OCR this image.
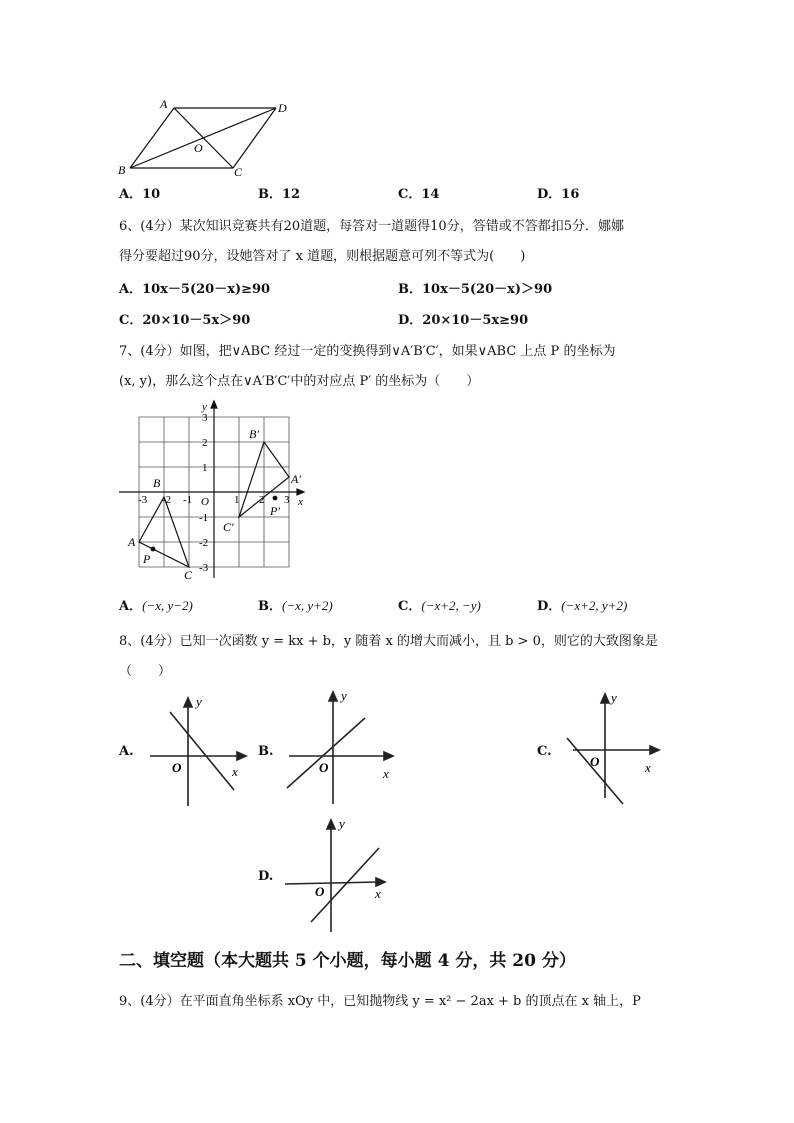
A	D
B	C
O
A．10	B．12	C．14	D．16
6、(4分）某次知识竞赛共有20道题，每答对一道题得10分，答错或不答都扣5分．娜娜
得分要超过90分，设她答对了 x 道题，则根据题意可列不等式为(　　)
A．10x－5(20－x)≥90	B．10x－5(20－x)＞90
C．20×10－5x＞90	D．20×10－5x≥90
7、(4分）如图，把∨ABC 经过一定的变换得到∨A′B′C′，如果∨ABC 上点 P 的坐标为
(x, y)，那么这个点在∨A′B′C′中的对应点 P′ 的坐标为（　　）
x
y
O
-3 -2 -1	1 2 3
3
2
1
-1
-2
-3
A
B
C
P
A′
B′
C′
P′
A．(−x, y−2)	B．(−x, y+2)	C．(−x+2, −y)	D．(−x+2, y+2)
8、(4分）已知一次函数 y = kx + b，y 随着 x 的增大而减小，且 b > 0，则它的大致图象是
（　　）
A.
y
x
O
B.
y
x
O
C.
y
x
O
D.
y
x
O
二、填空题（本大题共 5 个小题，每小题 4 分，共 20 分）
9、(4分）在平面直角坐标系 xOy 中，已知抛物线 y = x² − 2ax + b 的顶点在 x 轴上，P
